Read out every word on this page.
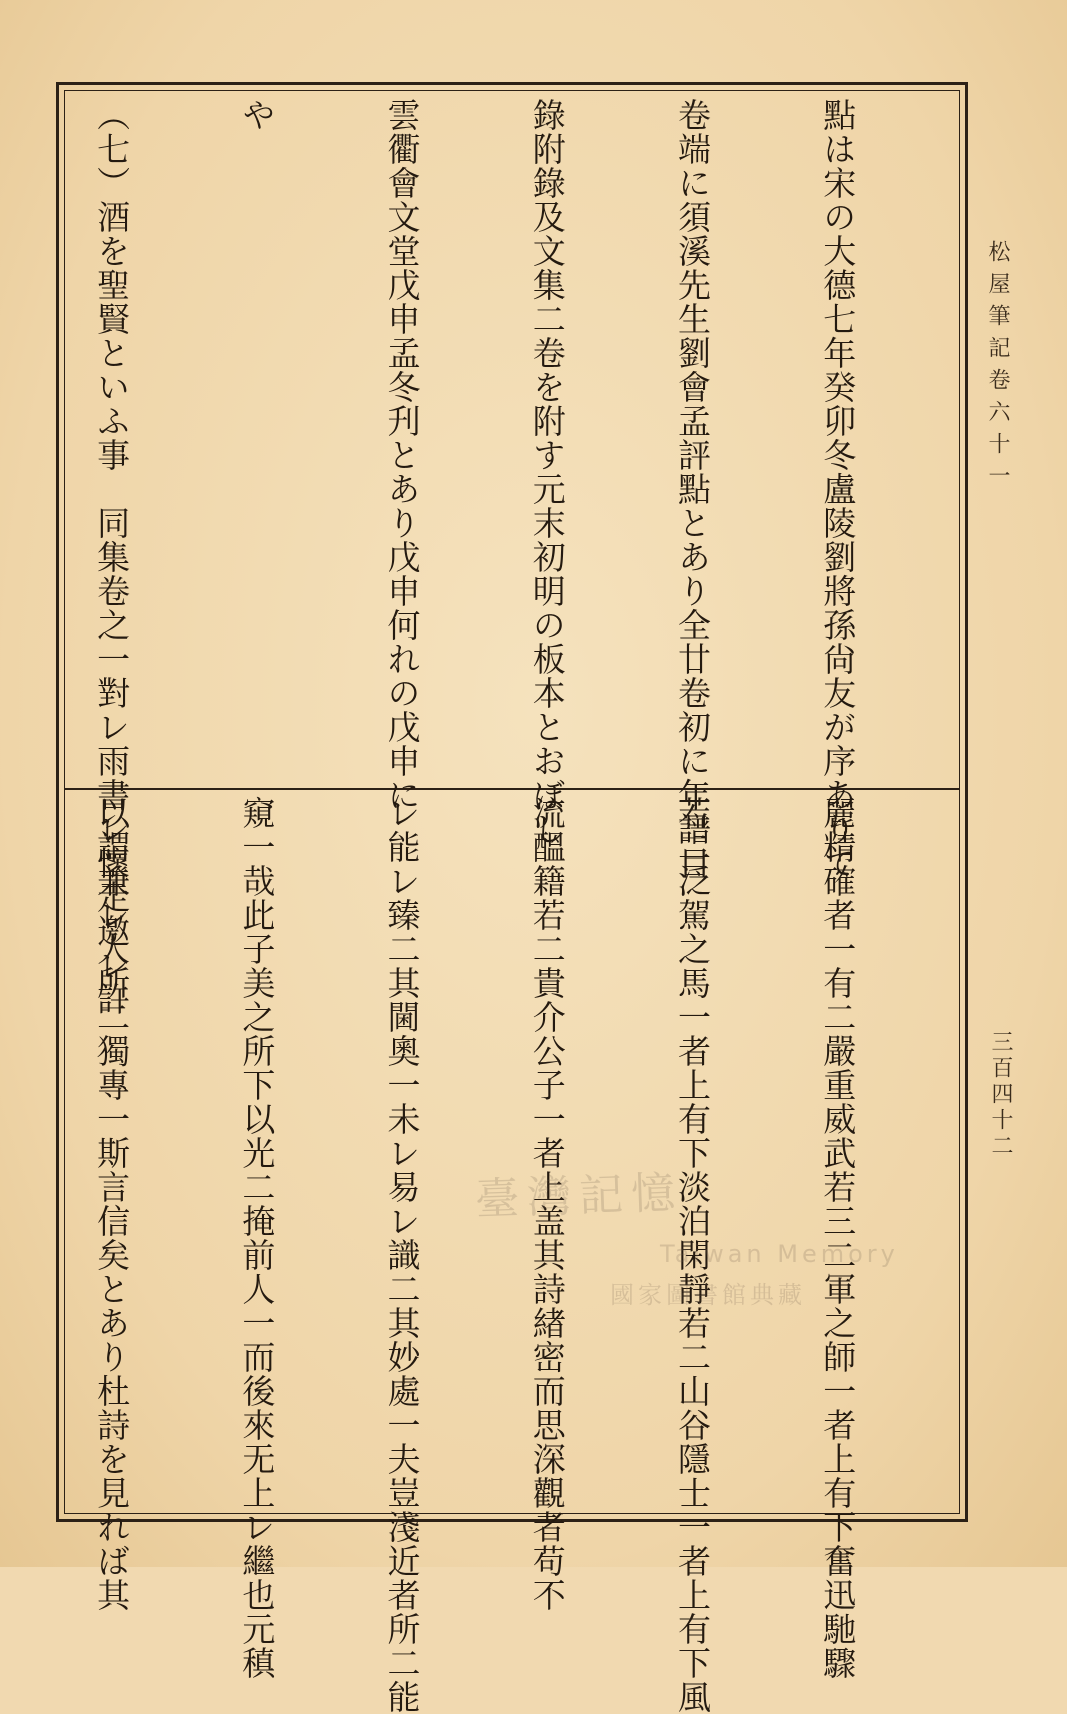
松屋筆記卷六十一
三百四十二

點は宋の大德七年癸卯冬盧陵劉將孫尙友が序ありて

卷端に須溪先生劉會孟評點とあり全廿卷初に年譜目

錄附錄及文集二卷を附す元末初明の板本とおぼし

雲衢會文堂戊申孟冬刋とあり戊申何れの戊申に

や

（七）酒を聖賢といふ事　同集卷之一對レ雨書レ懷走邀レ許

麗精確者一有二嚴重威武若三二軍之師一者上有下奮迅馳驟

若二泛駕之馬一者上有下淡泊閑靜若二山谷隱士一者上有下風

流醞籍若二貴介公子一者上盖其詩緖密而思深觀者苟不

レ能レ臻二其閫奧一未レ易レ識二其妙處一夫豈淺近者所二能

窺一哉此子美之所下以光二掩前人一而後來无上レ繼也元稹

以謂兼レ人所二獨專一斯言信矣とあり杜詩を見れば其

	臺灣記憶
Taiwan Memory
國家圖書館典藏
